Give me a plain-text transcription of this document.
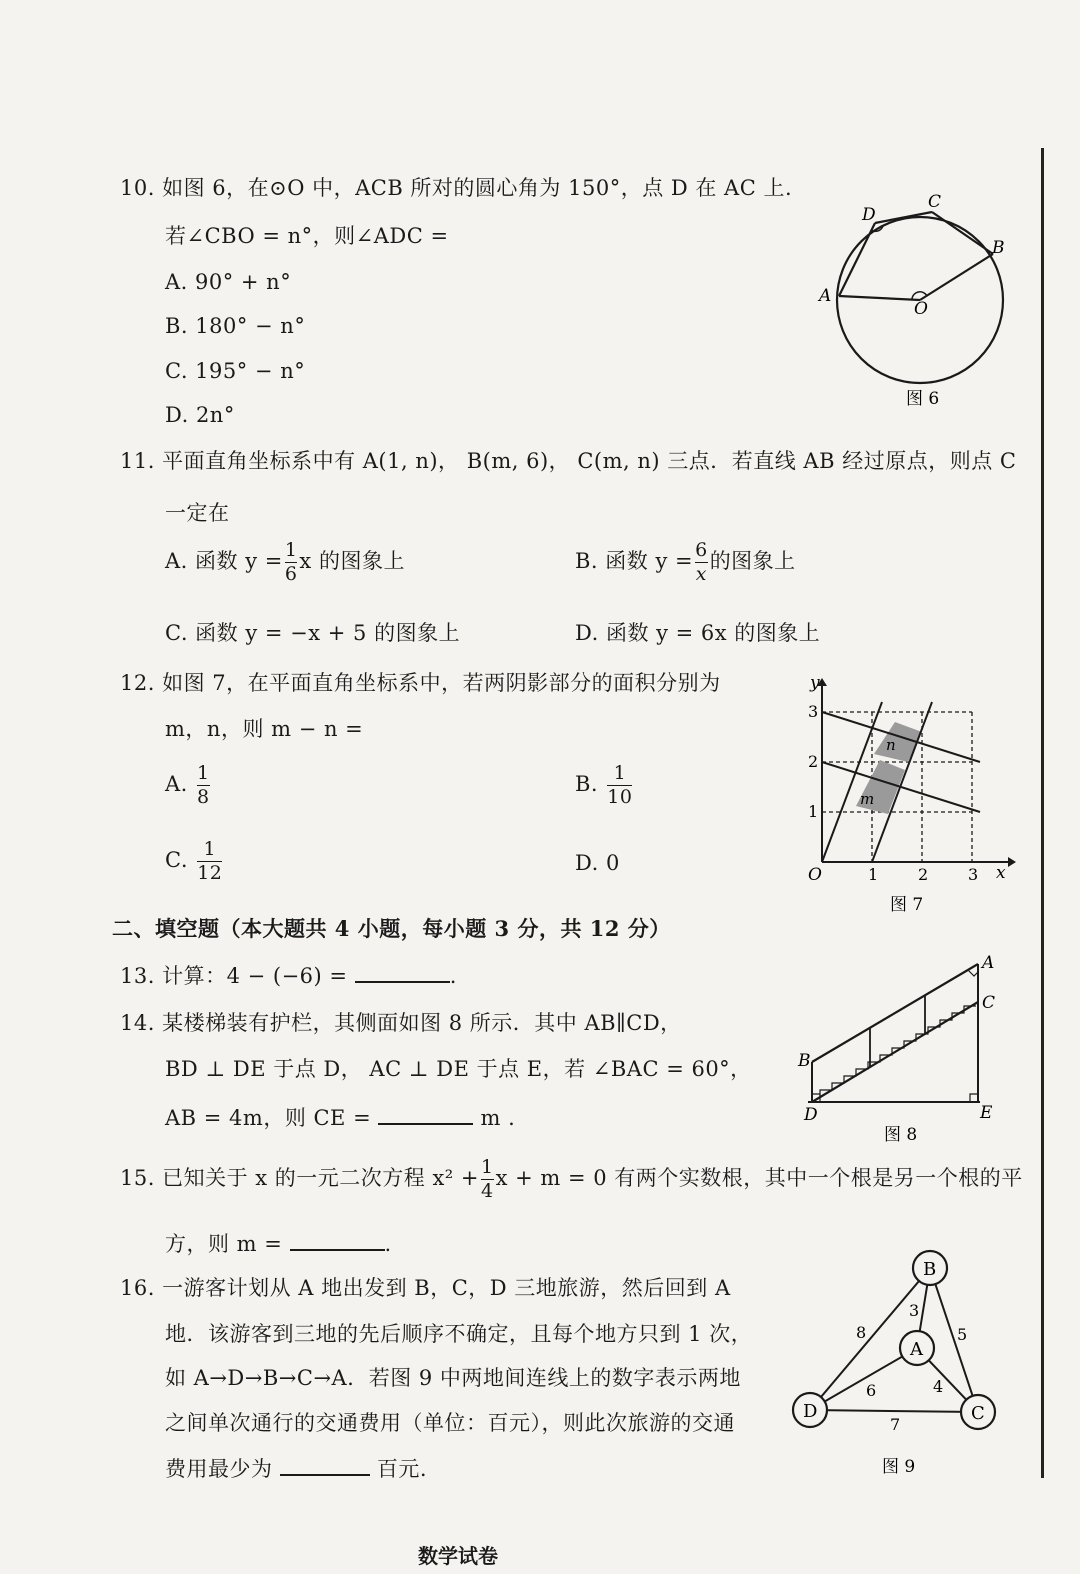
10. 如图 6，在⊙O 中，ACB 所对的圆心角为 150°，点 D 在 AC 上.
若∠CBO = n°，则∠ADC =
A. 90° + n°
B. 180° − n°
C. 195° − n°
D. 2n°
D
C
B
A
O
图 6
11. 平面直角坐标系中有 A(1, n)， B(m, 6)， C(m, n) 三点．若直线 AB 经过原点，则点 C
一定在
A. 函数 $y = \frac{1}{6}$ x 的图象上	B. 函数 $y = \frac{6}{x}$ 的图象上
C. 函数 y = −x + 5 的图象上	D. 函数 y = 6x 的图象上
12. 如图 7，在平面直角坐标系中，若两阴影部分的面积分别为
m，n，则 m − n =
A. $\frac{1}{8}$	B. $\frac{1}{10}$
C. $\frac{1}{12}$	D. 0
y
x
O	1 2 3
1
2
3
m
n
图 7
二、填空题（本大题共 4 小题，每小题 3 分，共 12 分）
13. 计算：4 − (−6) =	.
14. 某楼梯装有护栏，其侧面如图 8 所示．其中 AB∥CD，
BD ⊥ DE 于点 D， AC ⊥ DE 于点 E，若 ∠BAC = 60°，
AB = 4m，则 CE =	m .
A
B
C
D	E
图 8
15. 已知关于 x 的一元二次方程 $x^2 + \frac{1}{4}$ x + m = 0 有两个实数根，其中一个根是另一个根的平
方，则 m =	.
16. 一游客计划从 A 地出发到 B，C，D 三地旅游，然后回到 A
地．该游客到三地的先后顺序不确定，且每个地方只到 1 次，
如 A→D→B→C→A．若图 9 中两地间连线上的数字表示两地
之间单次通行的交通费用（单位：百元），则此次旅游的交通
费用最少为	百元.
B
A
D	C
3
4
6
5
8
7
图 9
数学试卷
